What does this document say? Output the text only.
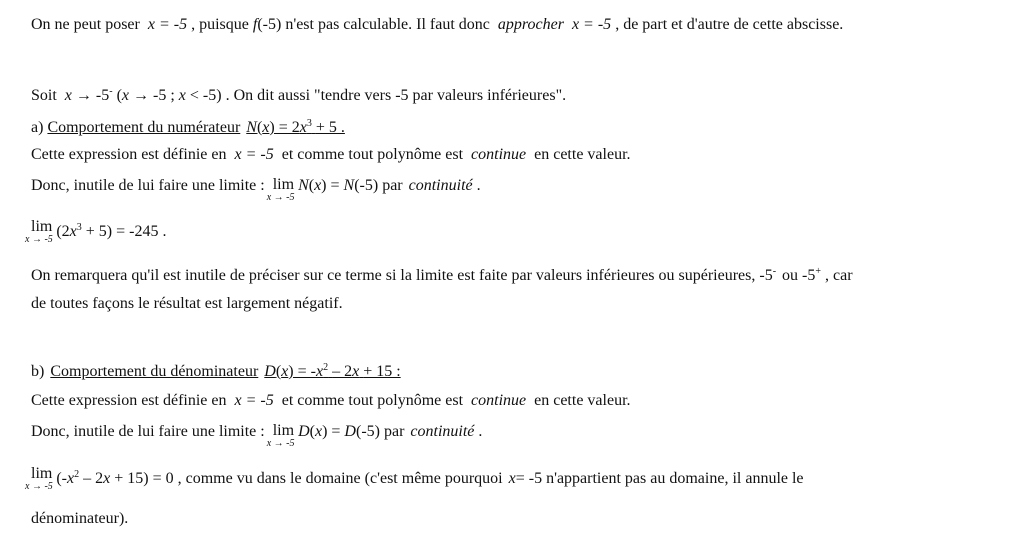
On ne peut poser x = -5 , puisque f(-5) n'est pas calculable. Il faut donc approcher x = -5 , de part et d'autre de cette abscisse.
Soit x → -5- (x → -5 ; x < -5) . On dit aussi "tendre vers -5 par valeurs inférieures".
a) Comportement du numérateur $N(x) = 2x^3 + 5$ .
Cette expression est définie en x = -5 et comme tout polynôme est continue en cette valeur.
Donc, inutile de lui faire une limite : lim
x → -5
N(x) = N(-5) par continuité .
lim
x → -5 $(2x^3 + 5) = -245$ .
On remarquera qu'il est inutile de préciser sur ce terme si la limite est faite par valeurs inférieures ou supérieures, -5- ou -5+ , car
de toutes façons le résultat est largement négatif.
b) Comportement du dénominateur $D(x) = -x^2 - 2x + 15$ :
Cette expression est définie en x = -5 et comme tout polynôme est continue en cette valeur.
Donc, inutile de lui faire une limite : lim
x → -5
D(x) = D(-5) par continuité .
lim
x → -5 $(-x^2 - 2x + 15) = 0$ , comme vu dans le domaine (c'est même pourquoi x= -5 n'appartient pas au domaine, il annule le
dénominateur).
